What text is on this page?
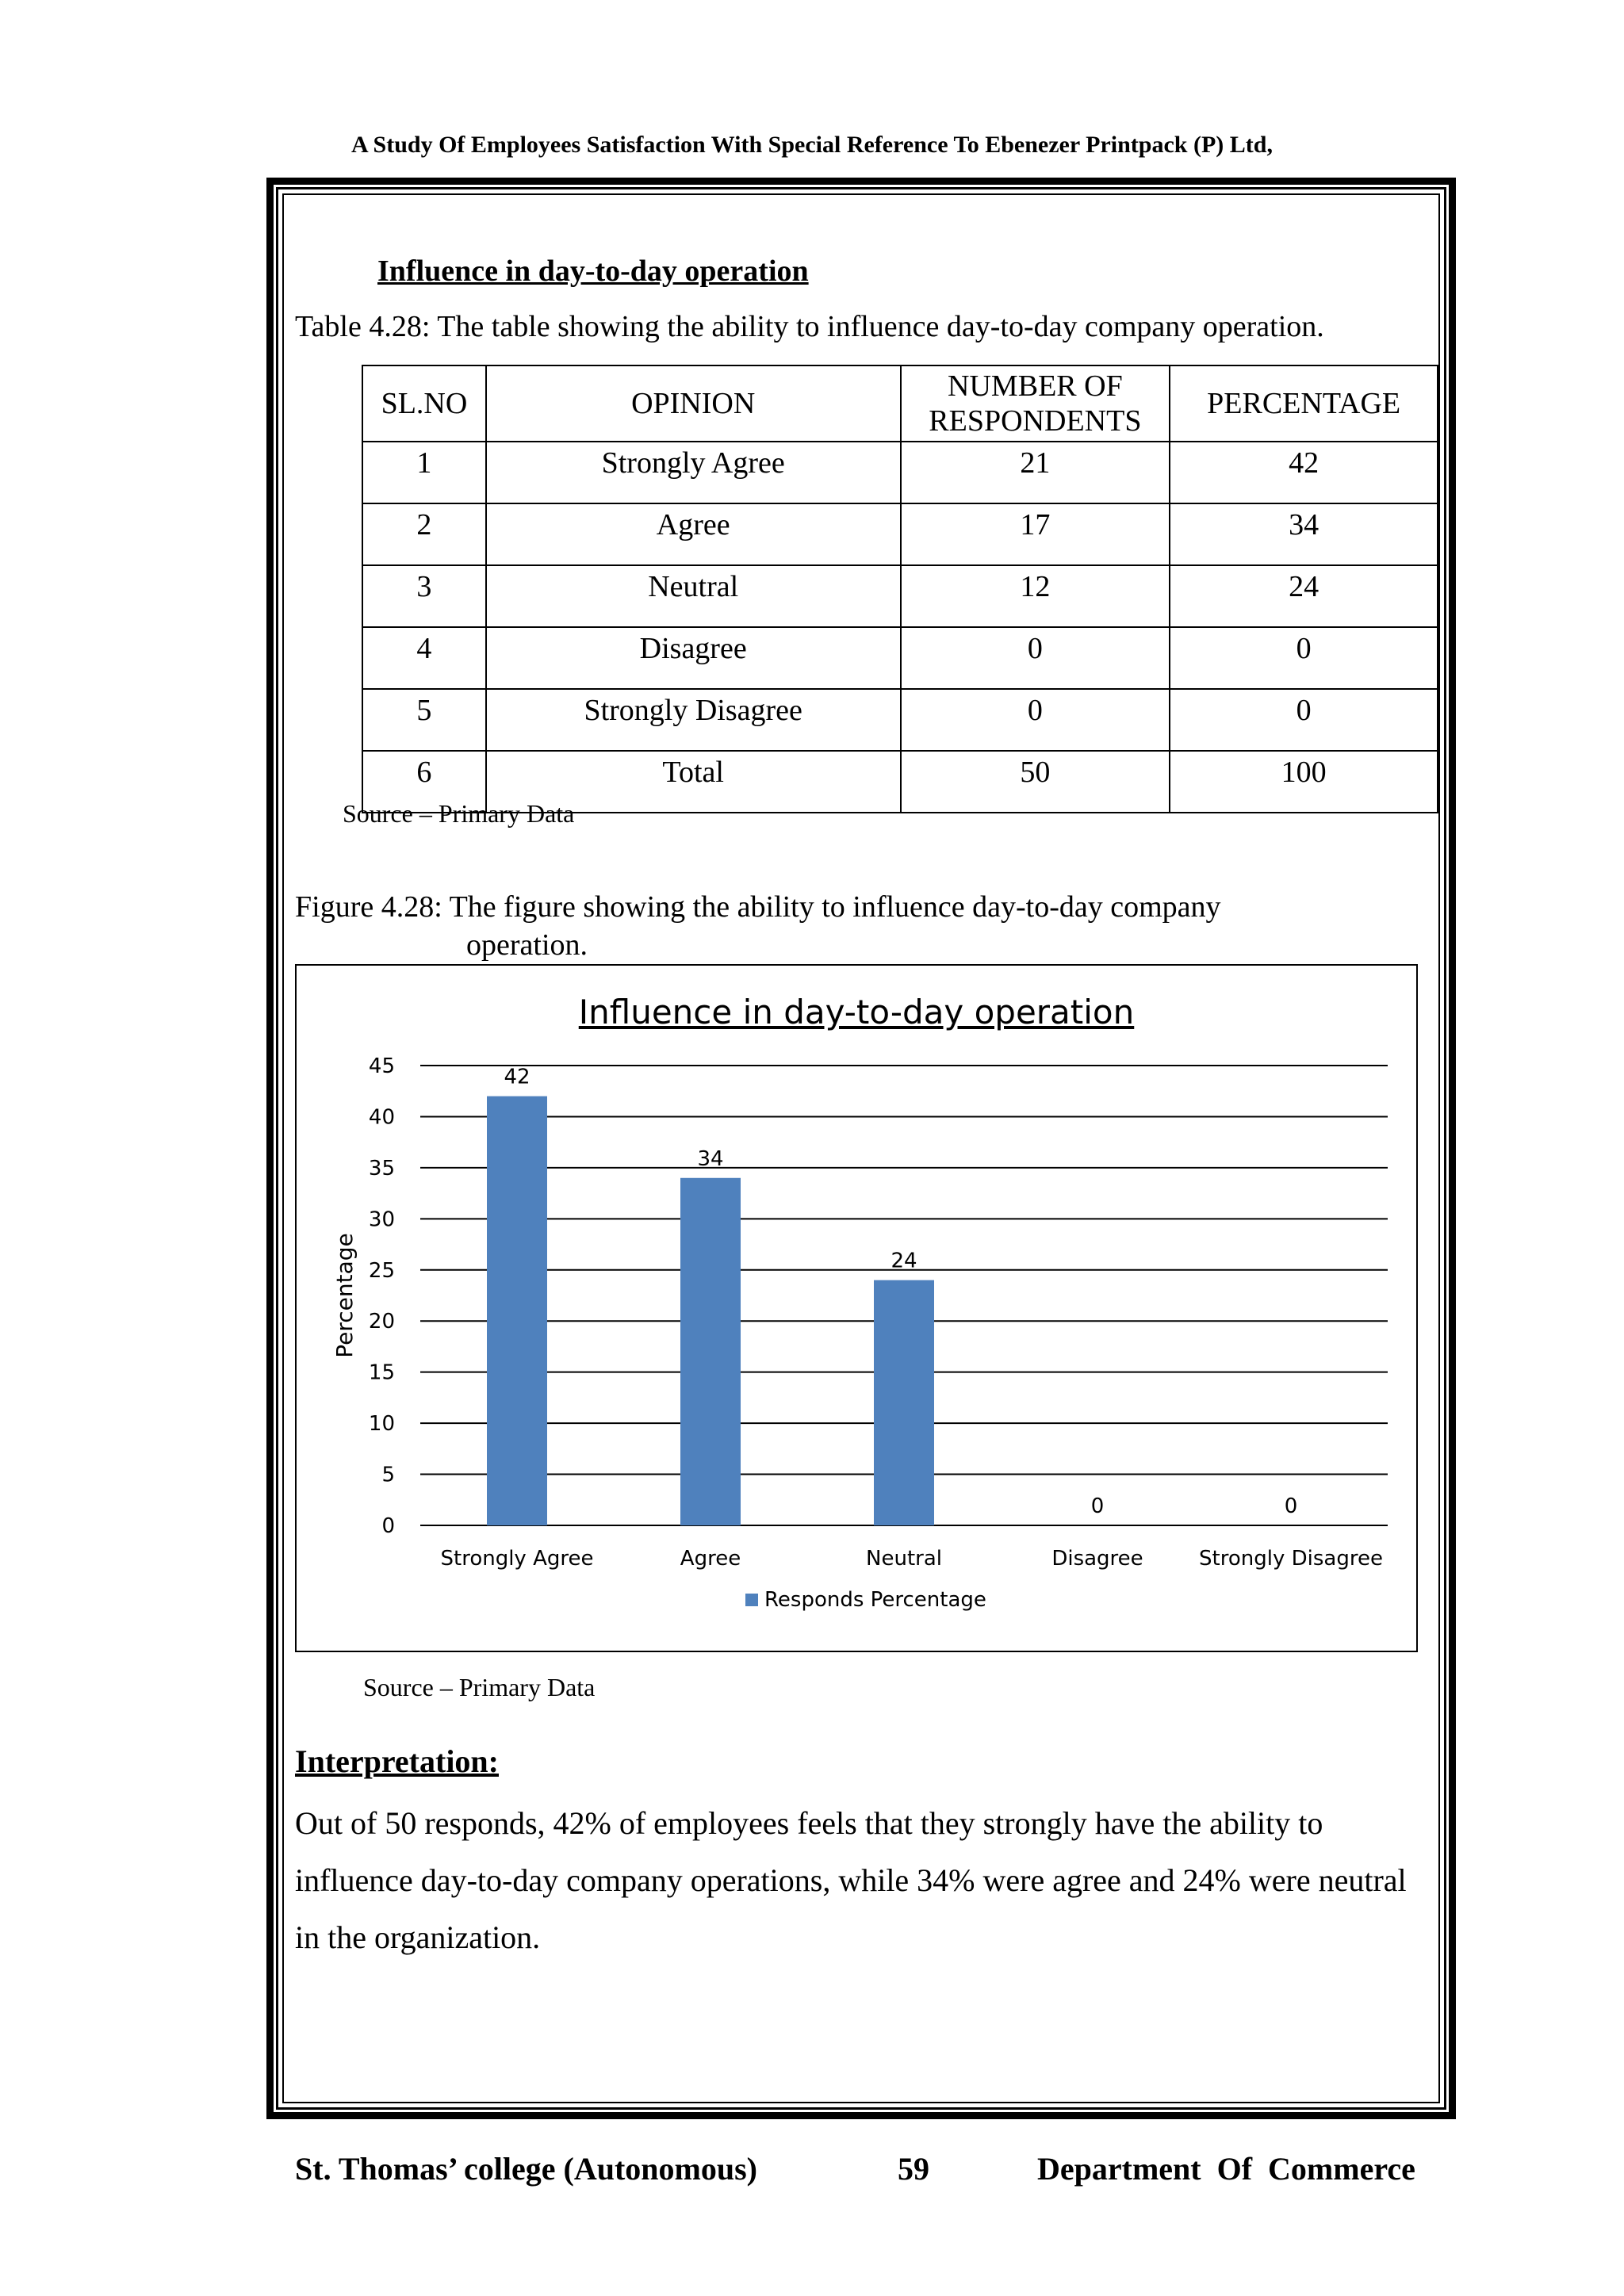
A Study Of Employees Satisfaction With Special Reference To Ebenezer Printpack (P) Ltd,
Influence in day-to-day operation
Table 4.28: The table showing the ability to influence day-to-day company operation.
SL.NO	OPINION	NUMBER OF RESPONDENTS	PERCENTAGE
1	Strongly Agree	21	42
2	Agree	17	34
3	Neutral	12	24
4	Disagree	0	0
5	Strongly Disagree	0	0
6	Total	50	100
Source – Primary Data
Figure 4.28: The figure showing the ability to influence day-to-day company
operation.
Influence in day-to-day operation
0
5
10
15
20
25
30
35
40
45
Percentage
42
Strongly Agree
34
Agree
24
Neutral
0
Disagree
0
Strongly Disagree
Responds Percentage
Source – Primary Data
Interpretation:
Out of 50 responds, 42% of employees feels that they strongly have the ability to influence day-to-day company operations, while 34% were agree and 24% were neutral in the organization.
St. Thomas’ college (Autonomous)	59	Department  Of  Commerce
